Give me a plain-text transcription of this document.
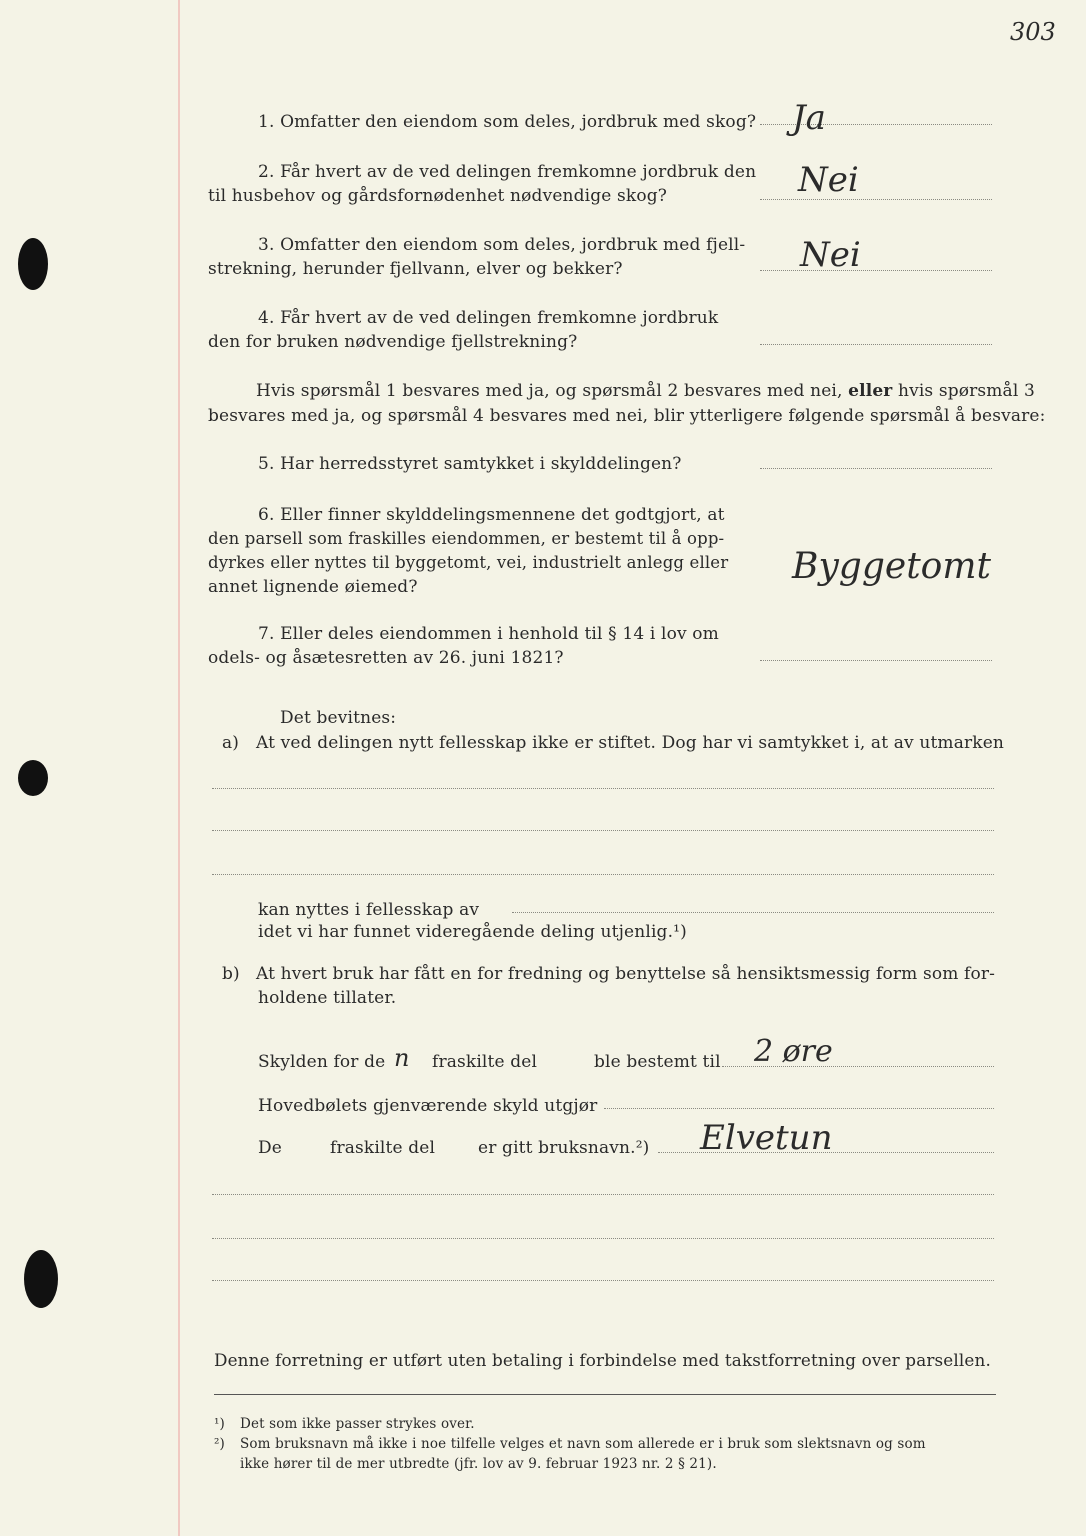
303
1. Omfatter den eiendom som deles, jordbruk med skog? Ja
2. Får hvert av de ved delingen fremkomne jordbruk den
til husbehov og gårdsfornødenhet nødvendige skog?	Nei
3. Omfatter den eiendom som deles, jordbruk med fjell-
strekning, herunder fjellvann, elver og bekker?	Nei
4. Får hvert av de ved delingen fremkomne jordbruk
den for bruken nødvendige fjellstrekning?
Hvis spørsmål 1 besvares med ja, og spørsmål 2 besvares med nei, eller hvis spørsmål 3
besvares med ja, og spørsmål 4 besvares med nei, blir ytterligere følgende spørsmål å besvare:
5. Har herredsstyret samtykket i skylddelingen?
6. Eller finner skylddelingsmennene det godtgjort, at
den parsell som fraskilles eiendommen, er bestemt til å opp-
dyrkes eller nyttes til byggetomt, vei, industrielt anlegg eller
annet lignende øiemed?	Byggetomt
7. Eller deles eiendommen i henhold til § 14 i lov om
odels- og åsætesretten av 26. juni 1821?
Det bevitnes:
a) At ved delingen nytt fellesskap ikke er stiftet. Dog har vi samtykket i, at av utmarken
kan nyttes i fellesskap av
idet vi har funnet videregående deling utjenlig.¹)
b) At hvert bruk har fått en for fredning og benyttelse så hensiktsmessig form som for-
holdene tillater.
Skylden for de n fraskilte del	ble bestemt til 2 øre
Hovedbølets gjenværende skyld utgjør
De	fraskilte del	er gitt bruksnavn.²) Elvetun
Denne forretning er utført uten betaling i forbindelse med takstforretning over parsellen.
¹) Det som ikke passer strykes over.
²) Som bruksnavn må ikke i noe tilfelle velges et navn som allerede er i bruk som slektsnavn og som
ikke hører til de mer utbredte (jfr. lov av 9. februar 1923 nr. 2 § 21).
